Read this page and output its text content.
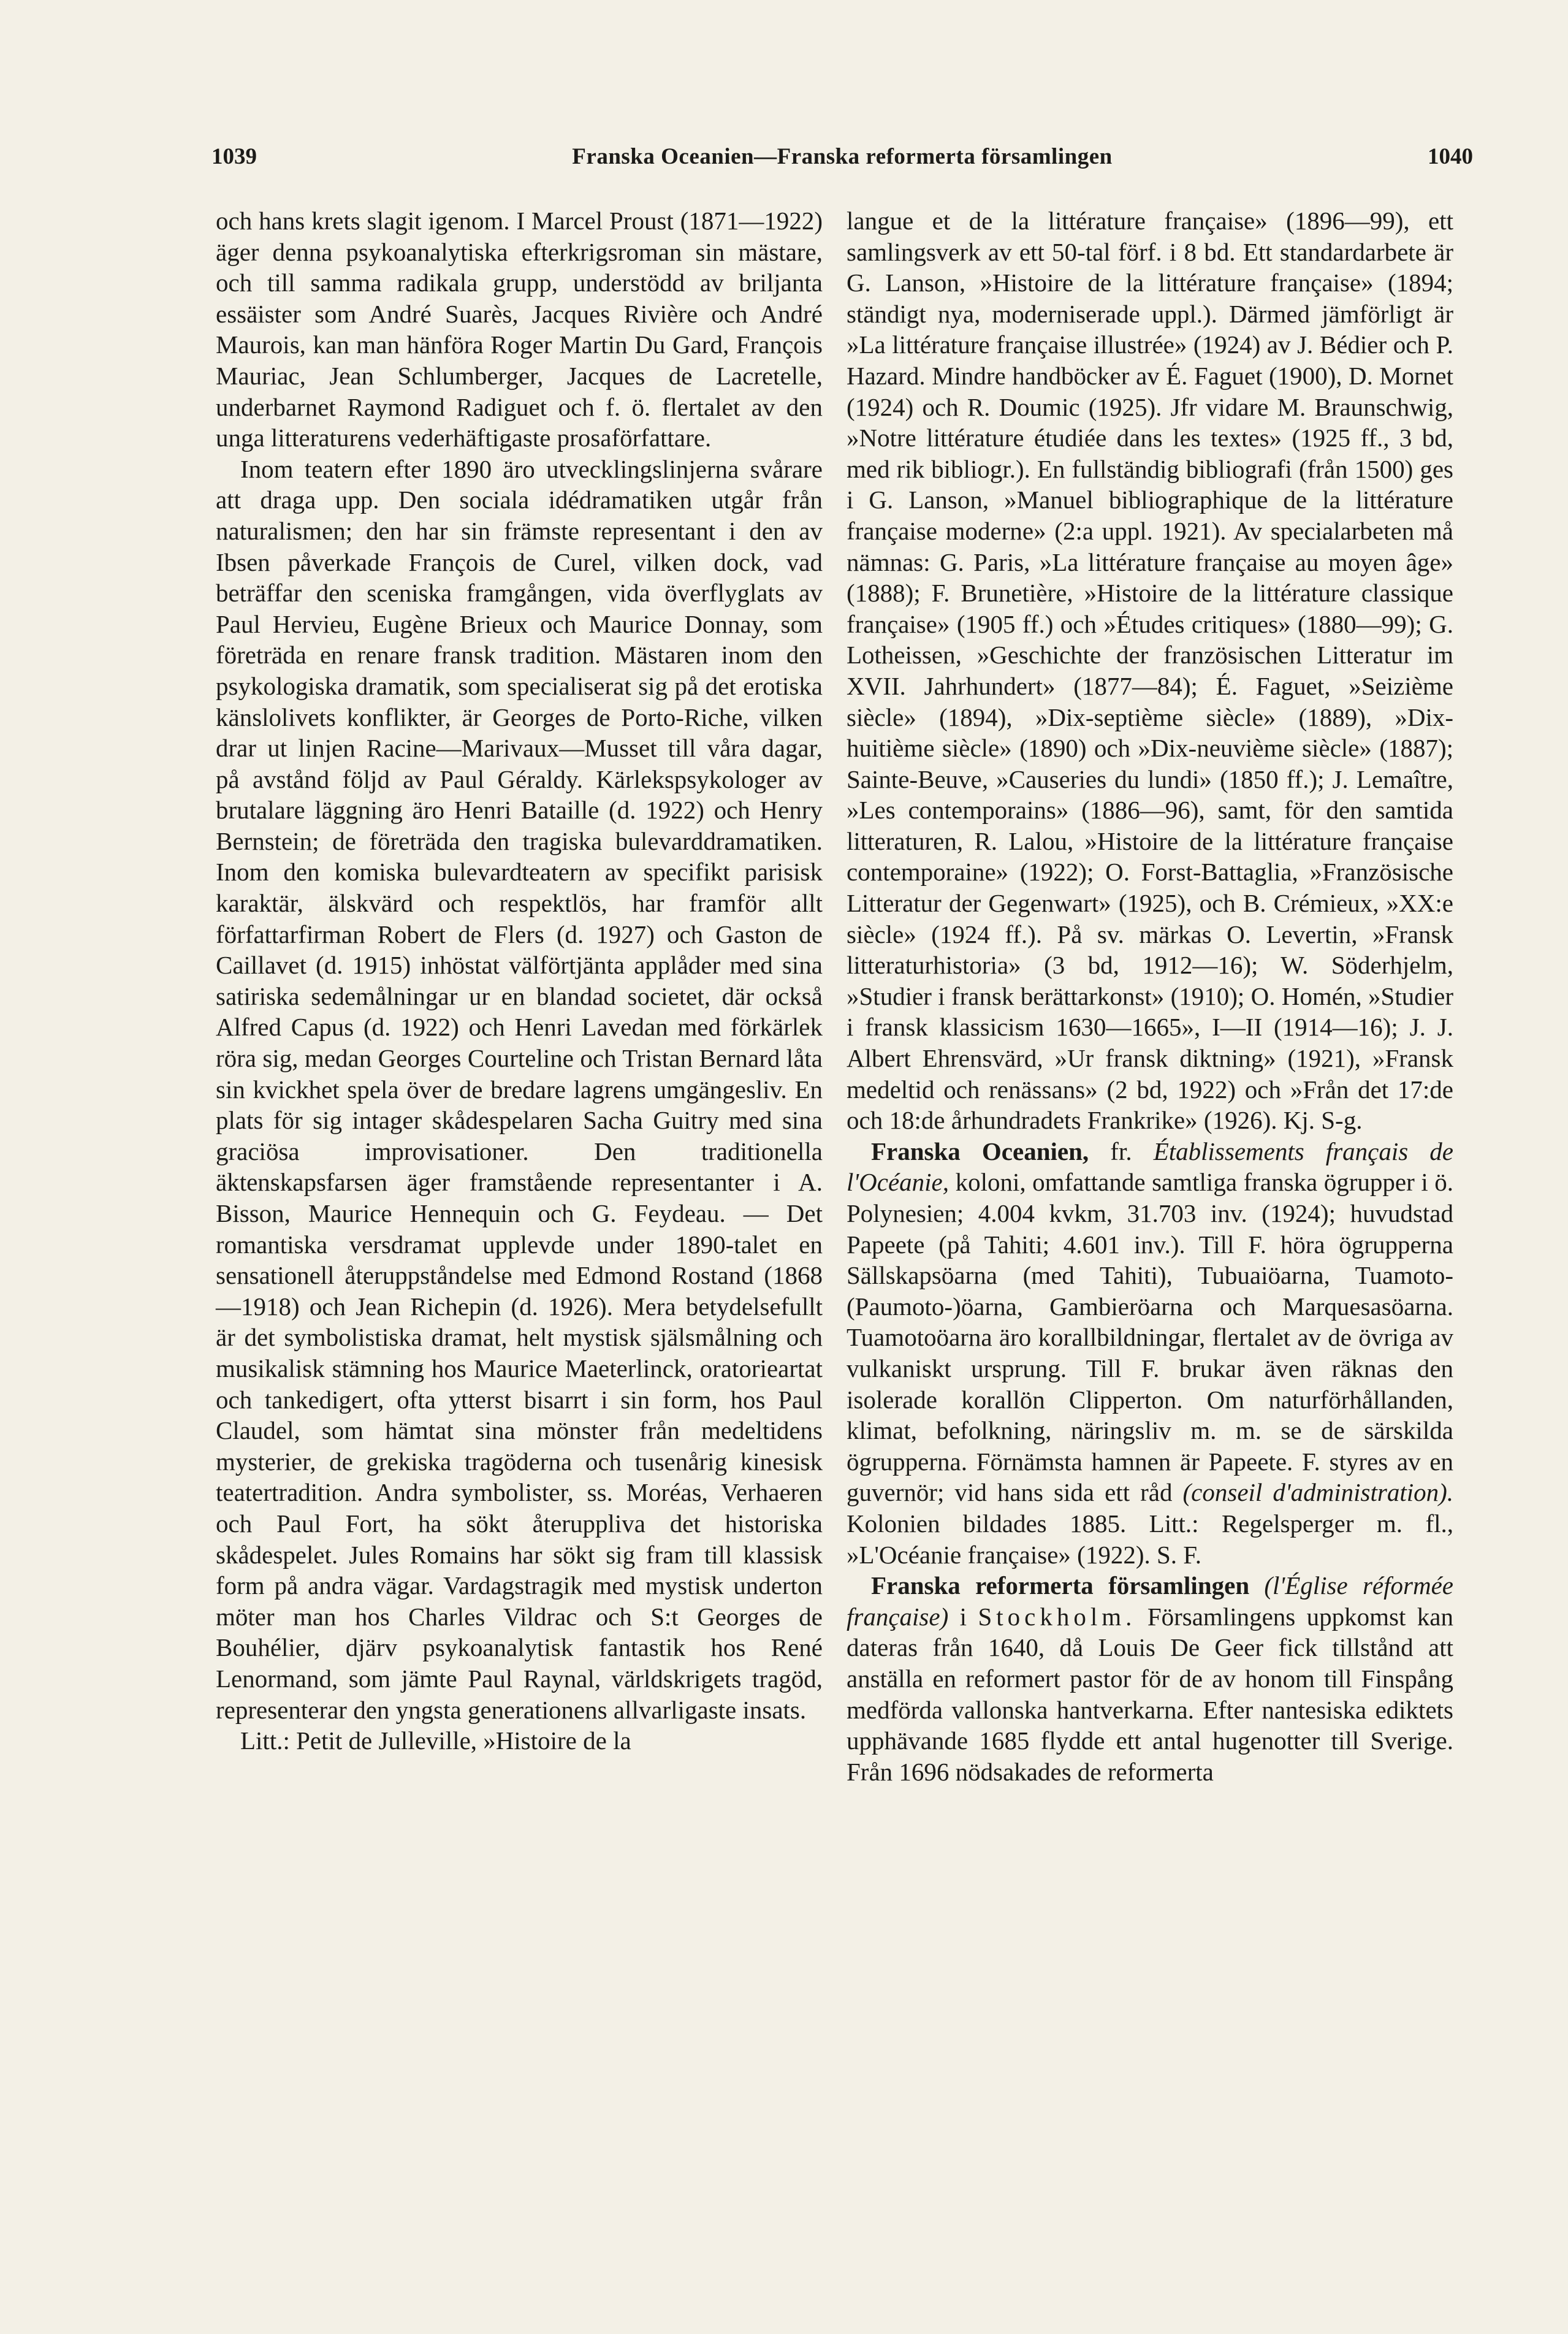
1039	Franska Oceanien—Franska reformerta församlingen	1040

och hans krets slagit igenom. I Marcel Proust (1871—1922) äger denna psykoanalytiska efterkrigsroman sin mästare, och till samma radikala grupp, understödd av briljanta essäister som André Suarès, Jacques Rivière och André Maurois, kan man hänföra Roger Martin Du Gard, François Mauriac, Jean Schlumberger, Jacques de Lacretelle, underbarnet Raymond Radiguet och f. ö. flertalet av den unga litteraturens vederhäftigaste prosaförfattare.

Inom teatern efter 1890 äro utvecklingslinjerna svårare att draga upp. Den sociala idédramatiken utgår från naturalismen; den har sin främste representant i den av Ibsen påverkade François de Curel, vilken dock, vad beträffar den sceniska framgången, vida överflyglats av Paul Hervieu, Eugène Brieux och Maurice Donnay, som företräda en renare fransk tradition. Mästaren inom den psykologiska dramatik, som specialiserat sig på det erotiska känslolivets konflikter, är Georges de Porto-Riche, vilken drar ut linjen Racine—Marivaux—Musset till våra dagar, på avstånd följd av Paul Géraldy. Kärlekspsykologer av brutalare läggning äro Henri Bataille (d. 1922) och Henry Bernstein; de företräda den tragiska bulevarddramatiken. Inom den komiska bulevardteatern av specifikt parisisk karaktär, älskvärd och respektlös, har framför allt författarfirman Robert de Flers (d. 1927) och Gaston de Caillavet (d. 1915) inhöstat välförtjänta applåder med sina satiriska sedemålningar ur en blandad societet, där också Alfred Capus (d. 1922) och Henri Lavedan med förkärlek röra sig, medan Georges Courteline och Tristan Bernard låta sin kvickhet spela över de bredare lagrens umgängesliv. En plats för sig intager skådespelaren Sacha Guitry med sina graciösa improvisationer. Den traditionella äktenskapsfarsen äger framstående representanter i A. Bisson, Maurice Hennequin och G. Feydeau. — Det romantiska versdramat upplevde under 1890-talet en sensationell återuppståndelse med Edmond Rostand (1868—1918) och Jean Richepin (d. 1926). Mera betydelsefullt är det symbolistiska dramat, helt mystisk själsmålning och musikalisk stämning hos Maurice Maeterlinck, oratorieartat och tankedigert, ofta ytterst bisarrt i sin form, hos Paul Claudel, som hämtat sina mönster från medeltidens mysterier, de grekiska tragöderna och tusenårig kinesisk teatertradition. Andra symbolister, ss. Moréas, Verhaeren och Paul Fort, ha sökt återuppliva det historiska skådespelet. Jules Romains har sökt sig fram till klassisk form på andra vägar. Vardagstragik med mystisk underton möter man hos Charles Vildrac och S:t Georges de Bouhélier, djärv psykoanalytisk fantastik hos René Lenormand, som jämte Paul Raynal, världskrigets tragöd, representerar den yngsta generationens allvarligaste insats.

Litt.: Petit de Julleville, »Histoire de la

langue et de la littérature française» (1896—99), ett samlingsverk av ett 50-tal förf. i 8 bd. Ett standardarbete är G. Lanson, »Histoire de la littérature française» (1894; ständigt nya, moderniserade uppl.). Därmed jämförligt är »La littérature française illustrée» (1924) av J. Bédier och P. Hazard. Mindre handböcker av É. Faguet (1900), D. Mornet (1924) och R. Doumic (1925). Jfr vidare M. Braunschwig, »Notre littérature étudiée dans les textes» (1925 ff., 3 bd, med rik bibliogr.). En fullständig bibliografi (från 1500) ges i G. Lanson, »Manuel bibliographique de la littérature française moderne» (2:a uppl. 1921). Av specialarbeten må nämnas: G. Paris, »La littérature française au moyen âge» (1888); F. Brunetière, »Histoire de la littérature classique française» (1905 ff.) och »Études critiques» (1880—99); G. Lotheissen, »Geschichte der französischen Litteratur im XVII. Jahrhundert» (1877—84); É. Faguet, »Seizième siècle» (1894), »Dix-septième siècle» (1889), »Dix-huitième siècle» (1890) och »Dix-neuvième siècle» (1887); Sainte-Beuve, »Causeries du lundi» (1850 ff.); J. Lemaître, »Les contemporains» (1886—96), samt, för den samtida litteraturen, R. Lalou, »Histoire de la littérature française contemporaine» (1922); O. Forst-Battaglia, »Französische Litteratur der Gegenwart» (1925), och B. Crémieux, »XX:e siècle» (1924 ff.). På sv. märkas O. Levertin, »Fransk litteraturhistoria» (3 bd, 1912—16); W. Söderhjelm, »Studier i fransk berättarkonst» (1910); O. Homén, »Studier i fransk klassicism 1630—1665», I—II (1914—16); J. J. Albert Ehrensvärd, »Ur fransk diktning» (1921), »Fransk medeltid och renässans» (2 bd, 1922) och »Från det 17:de och 18:de århundradets Frankrike» (1926). Kj. S-g.

Franska Oceanien, fr. Établissements français de l'Océanie, koloni, omfattande samtliga franska ögrupper i ö. Polynesien; 4.004 kvkm, 31.703 inv. (1924); huvudstad Papeete (på Tahiti; 4.601 inv.). Till F. höra ögrupperna Sällskapsöarna (med Tahiti), Tubuaiöarna, Tuamoto-(Paumoto-)öarna, Gambieröarna och Marquesasöarna. Tuamotoöarna äro korallbildningar, flertalet av de övriga av vulkaniskt ursprung. Till F. brukar även räknas den isolerade korallön Clipperton. Om naturförhållanden, klimat, befolkning, näringsliv m. m. se de särskilda ögrupperna. Förnämsta hamnen är Papeete. F. styres av en guvernör; vid hans sida ett råd (conseil d'administration). Kolonien bildades 1885. Litt.: Regelsperger m. fl., »L'Océanie française» (1922). S. F.

Franska reformerta församlingen (l'Église réformée française) i Stockholm. Församlingens uppkomst kan dateras från 1640, då Louis De Geer fick tillstånd att anställa en reformert pastor för de av honom till Finspång medförda vallonska hantverkarna. Efter nantesiska ediktets upphävande 1685 flydde ett antal hugenotter till Sverige. Från 1696 nödsakades de reformerta
